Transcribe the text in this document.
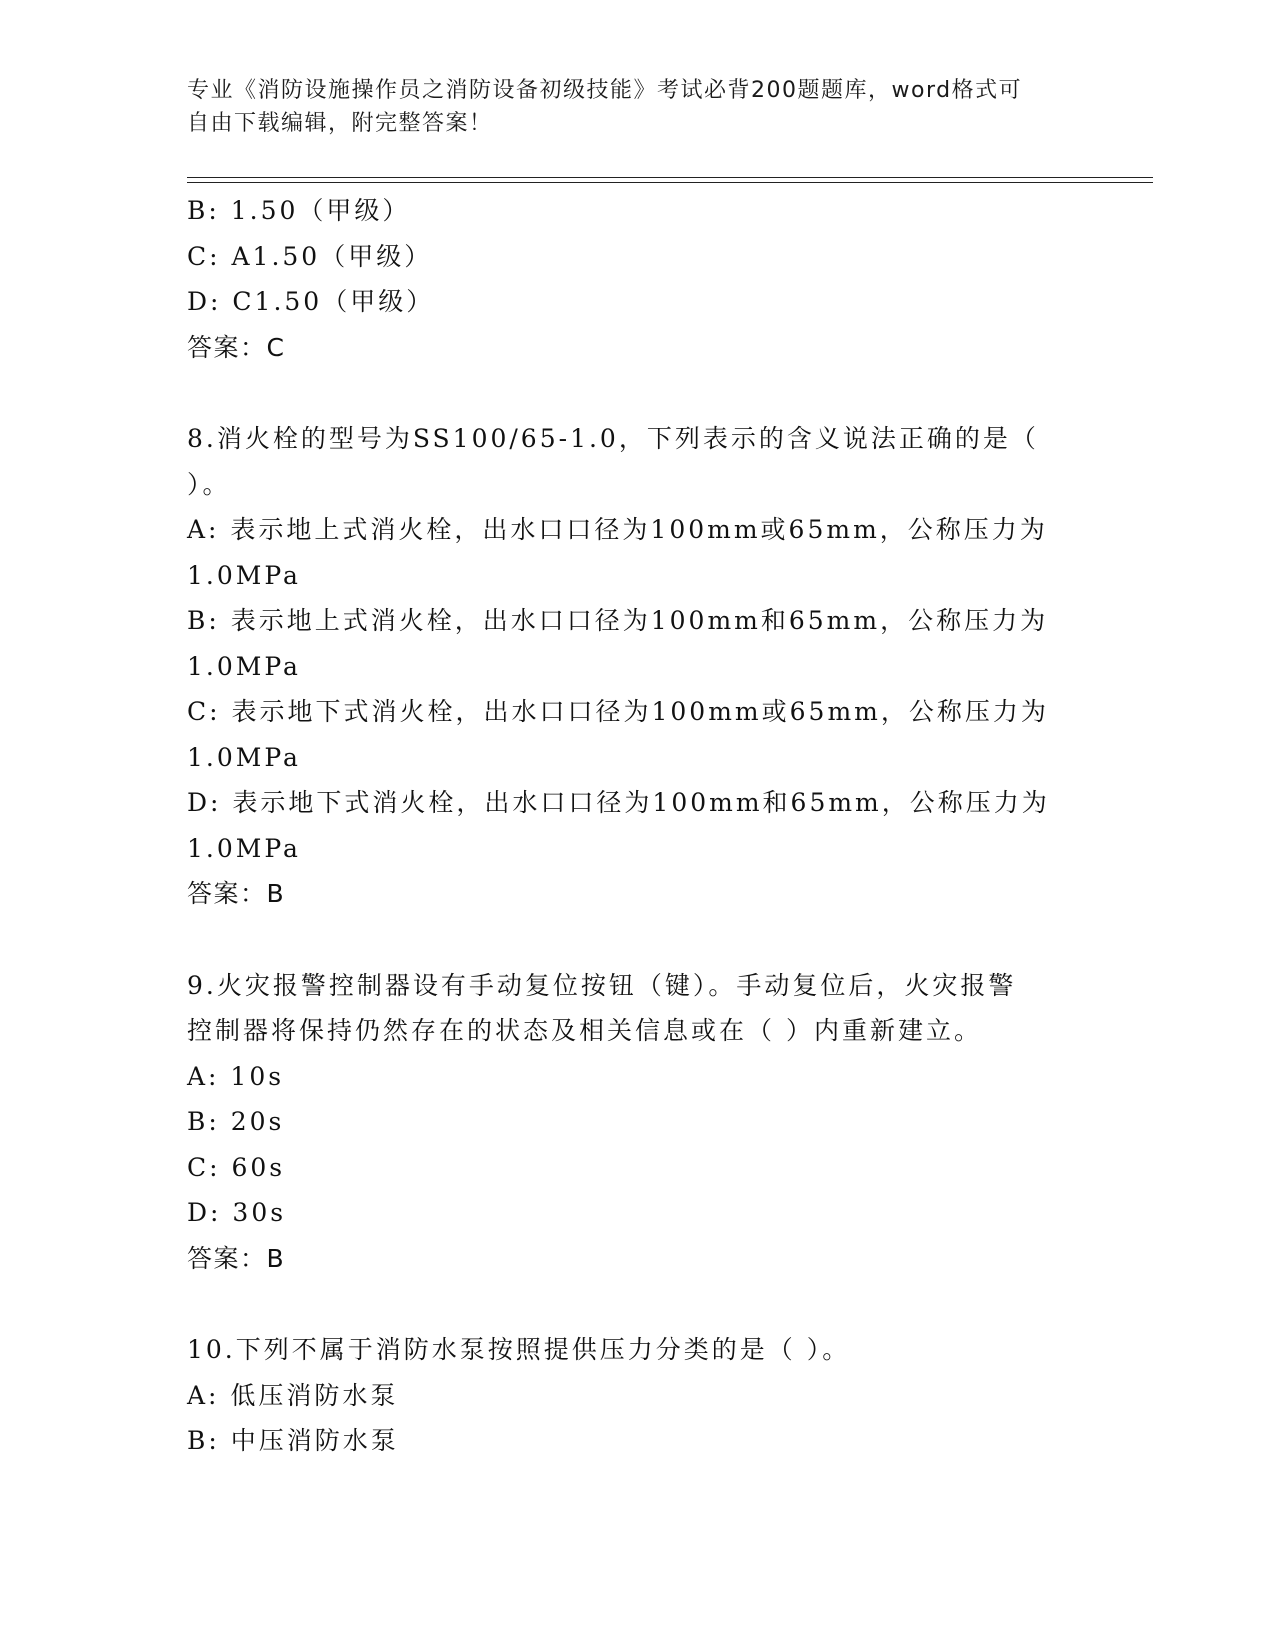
专业《消防设施操作员之消防设备初级技能》考试必背200题题库，word格式可
自由下载编辑，附完整答案！
B: 1.50（甲级）
C: A1.50（甲级）
D: C1.50（甲级）
答案：C
8.消火栓的型号为SS100/65-1.0，下列表示的含义说法正确的是（
）。
A: 表示地上式消火栓，出水口口径为100mm或65mm，公称压力为
1.0MPa
B: 表示地上式消火栓，出水口口径为100mm和65mm，公称压力为
1.0MPa
C: 表示地下式消火栓，出水口口径为100mm或65mm，公称压力为
1.0MPa
D: 表示地下式消火栓，出水口口径为100mm和65mm，公称压力为
1.0MPa
答案：B
9.火灾报警控制器设有手动复位按钮（键）。手动复位后，火灾报警
控制器将保持仍然存在的状态及相关信息或在（ ）内重新建立。
A: 10s
B: 20s
C: 60s
D: 30s
答案：B
10.下列不属于消防水泵按照提供压力分类的是（ ）。
A: 低压消防水泵
B: 中压消防水泵
